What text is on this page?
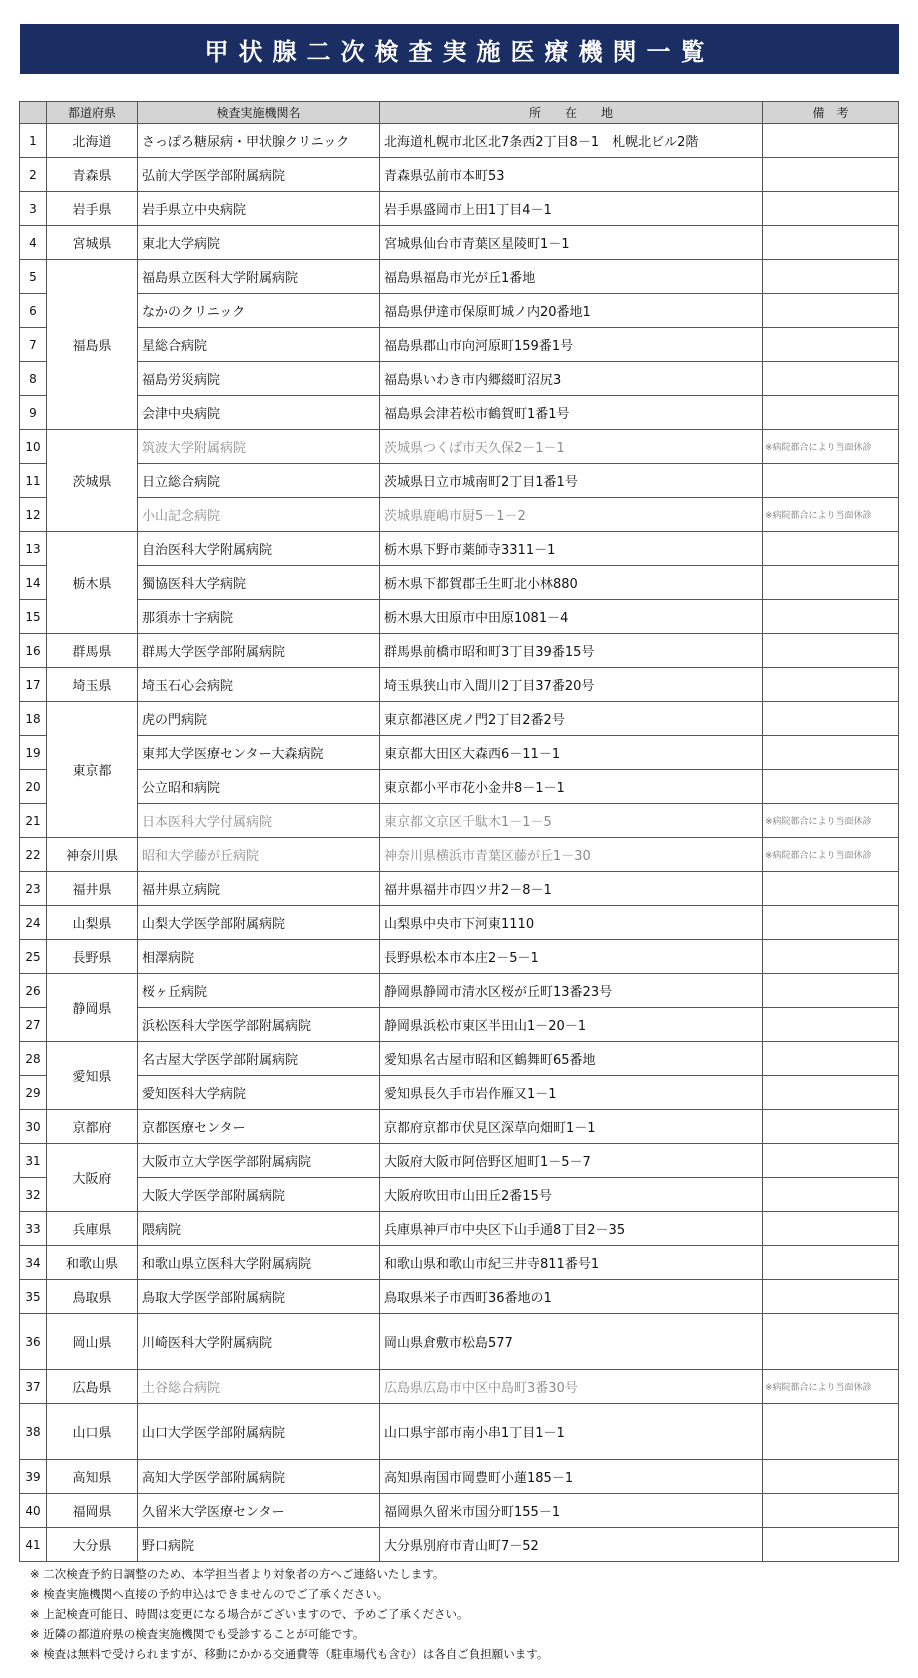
甲状腺二次検査実施医療機関一覧
	都道府県	検査実施機関名	所　　在　　地	備　考
1	北海道	さっぽろ糖尿病・甲状腺クリニック	北海道札幌市北区北7条西2丁目8－1　札幌北ビル2階	
2	青森県	弘前大学医学部附属病院	青森県弘前市本町53	
3	岩手県	岩手県立中央病院	岩手県盛岡市上田1丁目4－1	
4	宮城県	東北大学病院	宮城県仙台市青葉区星陵町1－1	
5	福島県	福島県立医科大学附属病院	福島県福島市光が丘1番地	
6		なかのクリニック	福島県伊達市保原町城ノ内20番地1	
7		星総合病院	福島県郡山市向河原町159番1号	
8		福島労災病院	福島県いわき市内郷綴町沼尻3	
9		会津中央病院	福島県会津若松市鶴賀町1番1号	
10	茨城県	筑波大学附属病院	茨城県つくば市天久保2－1－1	※病院都合により当面休診
11		日立総合病院	茨城県日立市城南町2丁目1番1号	
12		小山記念病院	茨城県鹿嶋市厨5－1－2	※病院都合により当面休診
13	栃木県	自治医科大学附属病院	栃木県下野市薬師寺3311－1	
14		獨協医科大学病院	栃木県下都賀郡壬生町北小林880	
15		那須赤十字病院	栃木県大田原市中田原1081－4	
16	群馬県	群馬大学医学部附属病院	群馬県前橋市昭和町3丁目39番15号	
17	埼玉県	埼玉石心会病院	埼玉県狭山市入間川2丁目37番20号	
18	東京都	虎の門病院	東京都港区虎ノ門2丁目2番2号	
19		東邦大学医療センター大森病院	東京都大田区大森西6－11－1	
20		公立昭和病院	東京都小平市花小金井8－1－1	
21		日本医科大学付属病院	東京都文京区千駄木1－1－5	※病院都合により当面休診
22	神奈川県	昭和大学藤が丘病院	神奈川県横浜市青葉区藤が丘1－30	※病院都合により当面休診
23	福井県	福井県立病院	福井県福井市四ツ井2－8－1	
24	山梨県	山梨大学医学部附属病院	山梨県中央市下河東1110	
25	長野県	相澤病院	長野県松本市本庄2－5－1	
26	静岡県	桜ヶ丘病院	静岡県静岡市清水区桜が丘町13番23号	
27		浜松医科大学医学部附属病院	静岡県浜松市東区半田山1－20－1	
28	愛知県	名古屋大学医学部附属病院	愛知県名古屋市昭和区鶴舞町65番地	
29		愛知医科大学病院	愛知県長久手市岩作雁又1－1	
30	京都府	京都医療センター	京都府京都市伏見区深草向畑町1－1	
31	大阪府	大阪市立大学医学部附属病院	大阪府大阪市阿倍野区旭町1－5－7	
32		大阪大学医学部附属病院	大阪府吹田市山田丘2番15号	
33	兵庫県	隈病院	兵庫県神戸市中央区下山手通8丁目2－35	
34	和歌山県	和歌山県立医科大学附属病院	和歌山県和歌山市紀三井寺811番号1	
35	鳥取県	鳥取大学医学部附属病院	鳥取県米子市西町36番地の1	
36	岡山県	川崎医科大学附属病院	岡山県倉敷市松島577	
37	広島県	土谷総合病院	広島県広島市中区中島町3番30号	※病院都合により当面休診
38	山口県	山口大学医学部附属病院	山口県宇部市南小串1丁目1－1	
39	高知県	高知大学医学部附属病院	高知県南国市岡豊町小蓮185－1	
40	福岡県	久留米大学医療センター	福岡県久留米市国分町155－1	
41	大分県	野口病院	大分県別府市青山町7－52	
※ 二次検査予約日調整のため、本学担当者より対象者の方へご連絡いたします。
※ 検査実施機関へ直接の予約申込はできませんのでご了承ください。
※ 上記検査可能日、時間は変更になる場合がございますので、予めご了承ください。
※ 近隣の都道府県の検査実施機関でも受診することが可能です。
※ 検査は無料で受けられますが、移動にかかる交通費等（駐車場代も含む）は各自ご負担願います。
